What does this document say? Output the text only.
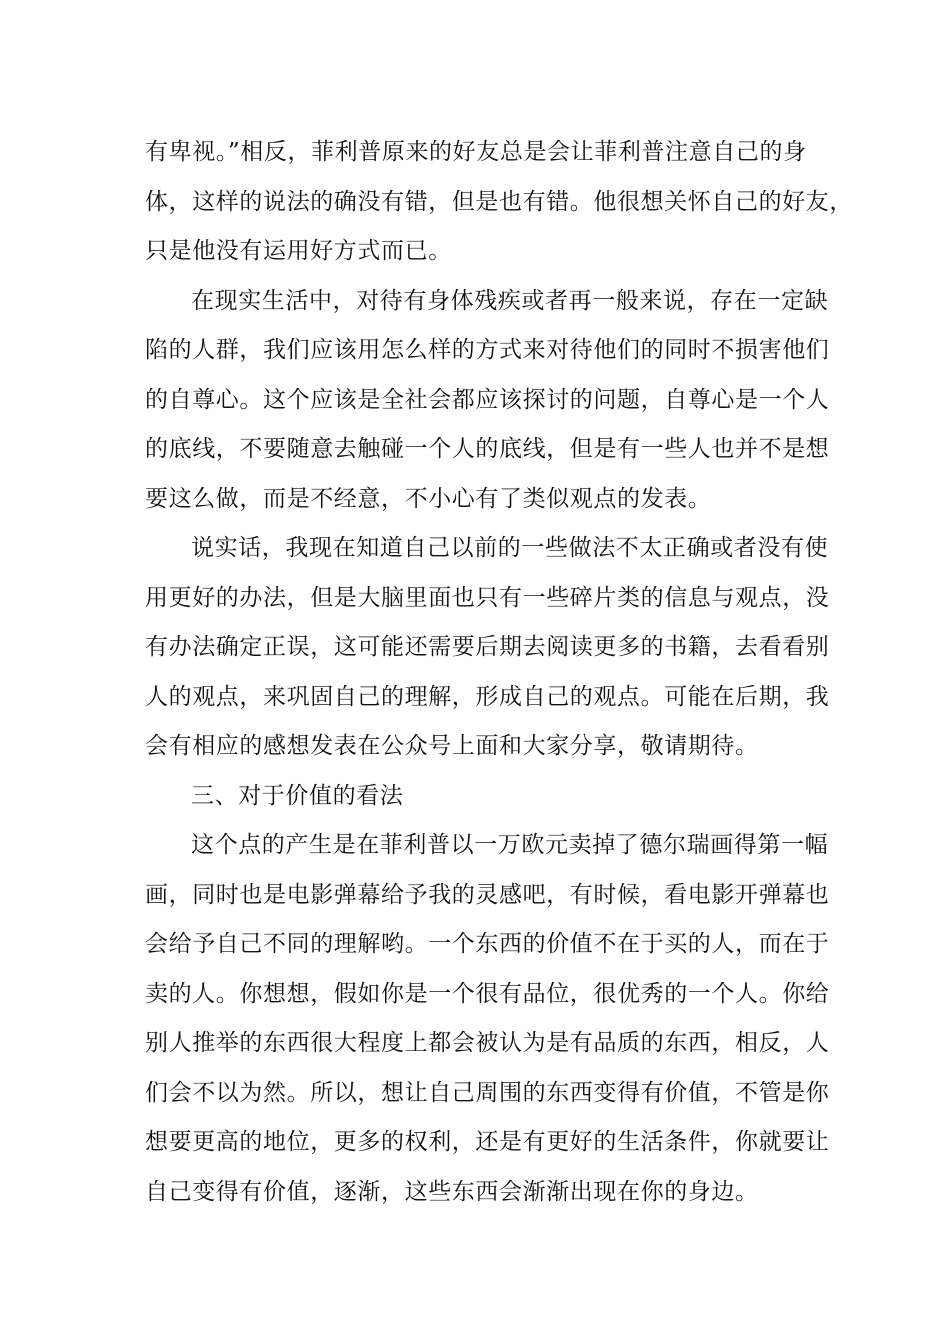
有卑视。”相反，菲利普原来的好友总是会让菲利普注意自己的身
体，这样的说法的确没有错，但是也有错。他很想关怀自己的好友，
只是他没有运用好方式而已。
在现实生活中，对待有身体残疾或者再一般来说，存在一定缺
陷的人群，我们应该用怎么样的方式来对待他们的同时不损害他们
的自尊心。这个应该是全社会都应该探讨的问题，自尊心是一个人
的底线，不要随意去触碰一个人的底线，但是有一些人也并不是想
要这么做，而是不经意，不小心有了类似观点的发表。
说实话，我现在知道自己以前的一些做法不太正确或者没有使
用更好的办法，但是大脑里面也只有一些碎片类的信息与观点，没
有办法确定正误，这可能还需要后期去阅读更多的书籍，去看看别
人的观点，来巩固自己的理解，形成自己的观点。可能在后期，我
会有相应的感想发表在公众号上面和大家分享，敬请期待。
三、对于价值的看法
这个点的产生是在菲利普以一万欧元卖掉了德尔瑞画得第一幅
画，同时也是电影弹幕给予我的灵感吧，有时候，看电影开弹幕也
会给予自己不同的理解哟。一个东西的价值不在于买的人，而在于
卖的人。你想想，假如你是一个很有品位，很优秀的一个人。你给
别人推举的东西很大程度上都会被认为是有品质的东西，相反，人
们会不以为然。所以，想让自己周围的东西变得有价值，不管是你
想要更高的地位，更多的权利，还是有更好的生活条件，你就要让
自己变得有价值，逐渐，这些东西会渐渐出现在你的身边。
